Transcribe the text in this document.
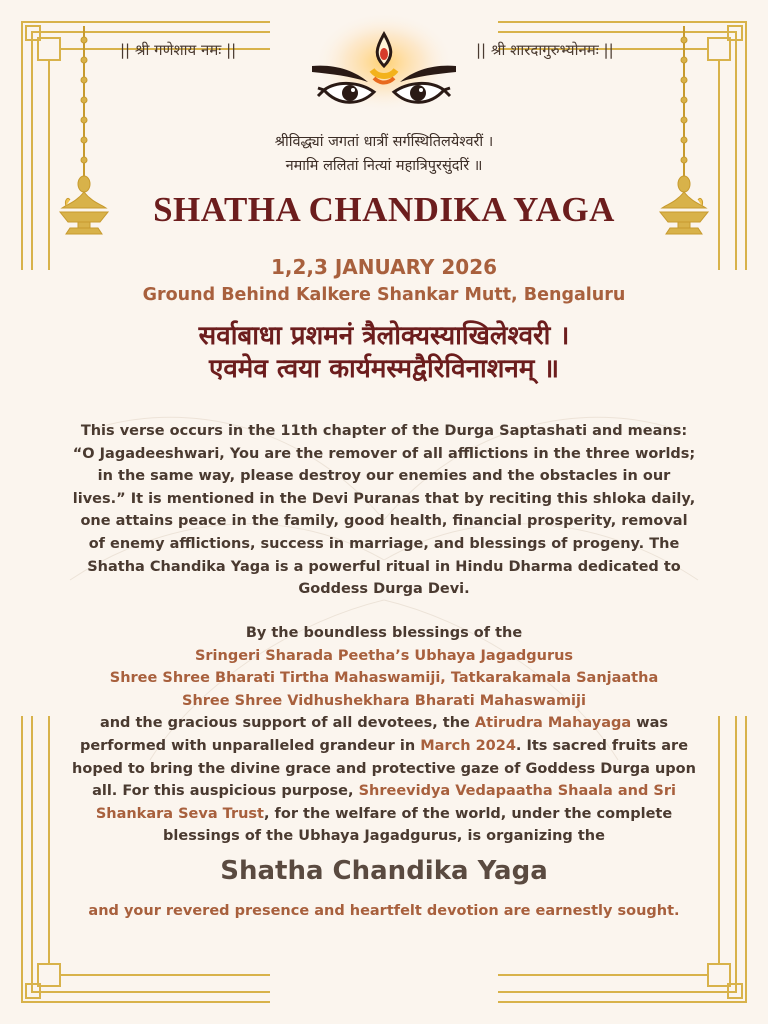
|| श्री गणेशाय नमः ||	|| श्री शारदागुरुभ्योनमः ||
श्रीविद्ध्यां जगतां धात्रीं सर्गस्थितिलयेश्वरीं ।
नमामि ललितां नित्यां महात्रिपुरसुंदरिं ॥
SHATHA CHANDIKA YAGA
1,2,3 JANUARY 2026
Ground Behind Kalkere Shankar Mutt, Bengaluru
सर्वाबाधा प्रशमनं त्रैलोक्यस्याखिलेश्वरी ।
एवमेव त्वया कार्यमस्मद्वैरिविनाशनम् ॥
This verse occurs in the 11th chapter of the Durga Saptashati and means: “O Jagadeeshwari, You are the remover of all afflictions in the three worlds; in the same way, please destroy our enemies and the obstacles in our lives.” It is mentioned in the Devi Puranas that by reciting this shloka daily, one attains peace in the family, good health, financial prosperity, removal of enemy afflictions, success in marriage, and blessings of progeny. The Shatha Chandika Yaga is a powerful ritual in Hindu Dharma dedicated to Goddess Durga Devi.
By the boundless blessings of the
Sringeri Sharada Peetha’s Ubhaya Jagadgurus
Shree Shree Bharati Tirtha Mahaswamiji, Tatkarakamala Sanjaatha
Shree Shree Vidhushekhara Bharati Mahaswamiji
and the gracious support of all devotees, the Atirudra Mahayaga was performed with unparalleled grandeur in March 2024. Its sacred fruits are hoped to bring the divine grace and protective gaze of Goddess Durga upon all. For this auspicious purpose, Shreevidya Vedapaatha Shaala and Sri Shankara Seva Trust, for the welfare of the world, under the complete blessings of the Ubhaya Jagadgurus, is organizing the
Shatha Chandika Yaga
and your revered presence and heartfelt devotion are earnestly sought.
